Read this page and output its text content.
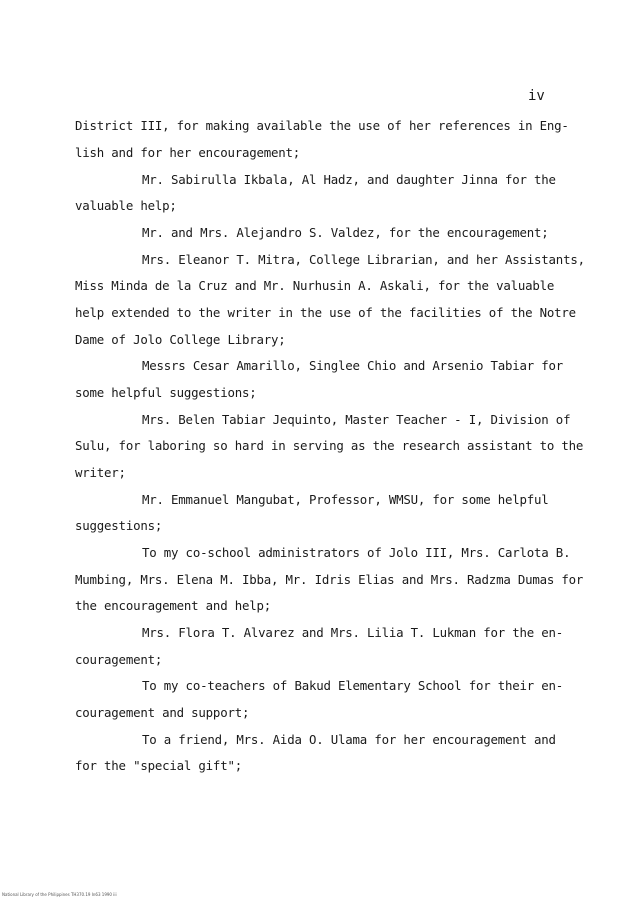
iv
District III, for making available the use of her references in Eng-
lish and for her encouragement;
Mr. Sabirulla Ikbala, Al Hadz, and daughter Jinna for the
valuable help;
Mr. and Mrs. Alejandro S. Valdez, for the encouragement;
Mrs. Eleanor T. Mitra, College Librarian, and her Assistants,
Miss Minda de la Cruz and Mr. Nurhusin A. Askali, for the valuable
help extended to the writer in the use of the facilities of the Notre
Dame of Jolo College Library;
Messrs Cesar Amarillo, Singlee Chio and Arsenio Tabiar for
some helpful suggestions;
Mrs. Belen Tabiar Jequinto, Master Teacher - I, Division of
Sulu, for laboring so hard in serving as the research assistant to the
writer;
Mr. Emmanuel Mangubat, Professor, WMSU, for some helpful
suggestions;
To my co-school administrators of Jolo III, Mrs. Carlota B.
Mumbing, Mrs. Elena M. Ibba, Mr. Idris Elias and Mrs. Radzma Dumas for
the encouragement and help;
Mrs. Flora T. Alvarez and Mrs. Lilia T. Lukman for the en-
couragement;
To my co-teachers of Bakud Elementary School for their en-
couragement and support;
To a friend, Mrs. Aida O. Ulama for her encouragement and
for the "special gift";
National Library of the Philippines TH370.19 In63 1990 iii
